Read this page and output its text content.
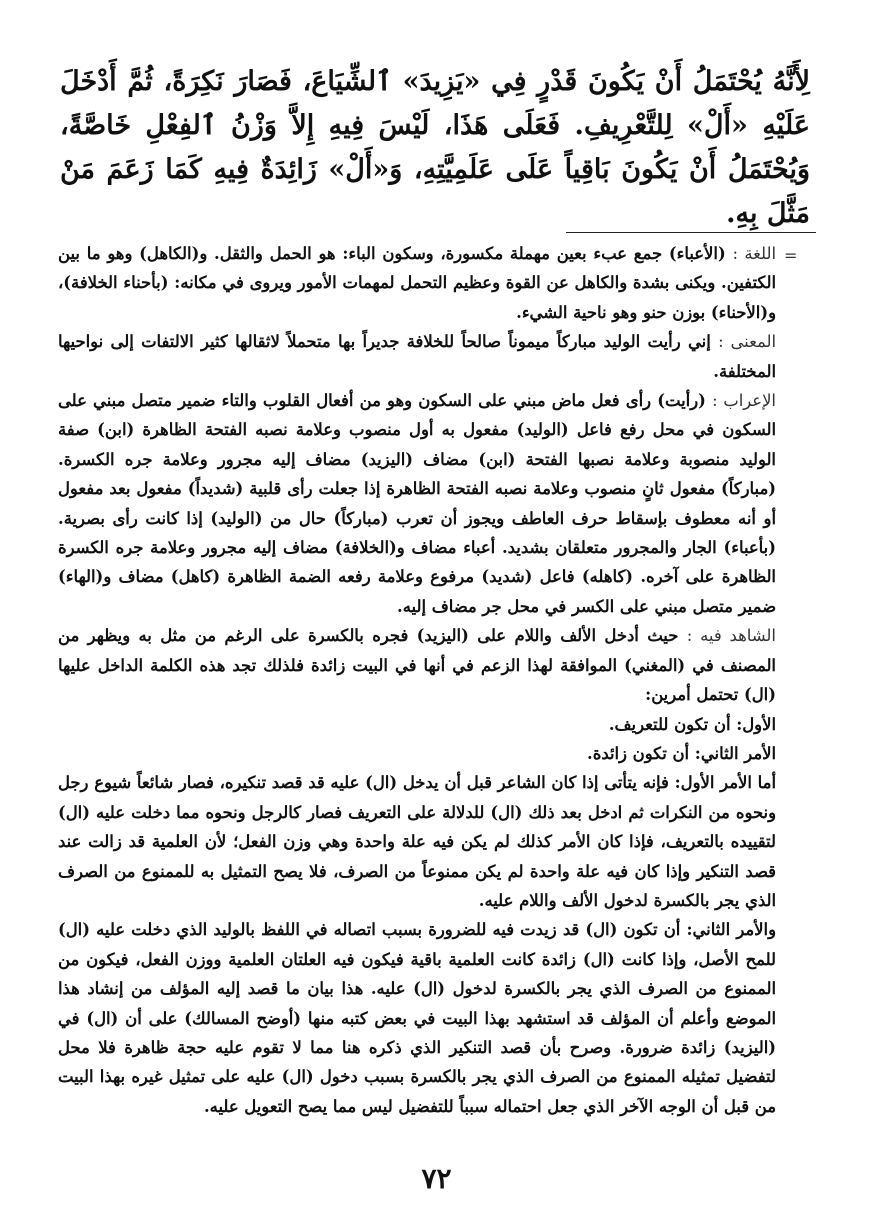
لِأَنَّهُ يُحْتَمَلُ أَنْ يَكُونَ قَدْرٍ فِي «يَزِيدَ» ٱلشِّيَاعَ، فَصَارَ نَكِرَةً، ثُمَّ أَدْخَلَ عَلَيْهِ «أَلْ» لِلتَّعْرِيفِ. فَعَلَى هَذَا، لَيْسَ فِيهِ إِلاَّ وَزْنُ ٱلفِعْلِ خَاصَّةً، وَيُحْتَمَلُ أَنْ يَكُونَ بَاقِياً عَلَى عَلَمِيَّتِهِ، وَ«أَلْ» زَائِدَةٌ فِيهِ كَمَا زَعَمَ مَنْ مَثَّلَ بِهِ.
=

اللغة : (الأعباء) جمع عبء بعين مهملة مكسورة، وسكون الباء: هو الحمل والثقل. و(الكاهل) وهو ما بين الكتفين. ويكنى بشدة والكاهل عن القوة وعظيم التحمل لمهمات الأمور ويروى في مكانه: (بأحناء الخلافة)، و(الأحناء) بوزن حنو وهو ناحية الشيء.

المعنى : إني رأيت الوليد مباركاً ميموناً صالحاً للخلافة جديراً بها متحملاً لاثقالها كثير الالتفات إلى نواحيها المختلفة.

الإعراب : (رأيت) رأى فعل ماض مبني على السكون وهو من أفعال القلوب والتاء ضمير متصل مبني على السكون في محل رفع فاعل (الوليد) مفعول به أول منصوب وعلامة نصبه الفتحة الظاهرة (ابن) صفة الوليد منصوبة وعلامة نصبها الفتحة (ابن) مضاف (اليزيد) مضاف إليه مجرور وعلامة جره الكسرة. (مباركاً) مفعول ثانٍ منصوب وعلامة نصبه الفتحة الظاهرة إذا جعلت رأى قلبية (شديداً) مفعول بعد مفعول أو أنه معطوف بإسقاط حرف العاطف ويجوز أن تعرب (مباركاً) حال من (الوليد) إذا كانت رأى بصرية. (بأعباء) الجار والمجرور متعلقان بشديد. أعباء مضاف و(الخلافة) مضاف إليه مجرور وعلامة جره الكسرة الظاهرة على آخره. (كاهله) فاعل (شديد) مرفوع وعلامة رفعه الضمة الظاهرة (كاهل) مضاف و(الهاء) ضمير متصل مبني على الكسر في محل جر مضاف إليه.

الشاهد فيه : حيث أدخل الألف واللام على (اليزيد) فجره بالكسرة على الرغم من مثل به ويظهر من المصنف في (المغني) الموافقة لهذا الزعم في أنها في البيت زائدة فلذلك تجد هذه الكلمة الداخل عليها (ال) تحتمل أمرين:

الأول: أن تكون للتعريف.

الأمر الثاني: أن تكون زائدة.

أما الأمر الأول: فإنه يتأتى إذا كان الشاعر قبل أن يدخل (ال) عليه قد قصد تنكيره، فصار شائعاً شيوع رجل ونحوه من النكرات ثم ادخل بعد ذلك (ال) للدلالة على التعريف فصار كالرجل ونحوه مما دخلت عليه (ال) لتقييده بالتعريف، فإذا كان الأمر كذلك لم يكن فيه علة واحدة وهي وزن الفعل؛ لأن العلمية قد زالت عند قصد التنكير وإذا كان فيه علة واحدة لم يكن ممنوعاً من الصرف، فلا يصح التمثيل به للممنوع من الصرف الذي يجر بالكسرة لدخول الألف واللام عليه.

والأمر الثاني: أن تكون (ال) قد زيدت فيه للضرورة بسبب اتصاله في اللفظ بالوليد الذي دخلت عليه (ال) للمح الأصل، وإذا كانت (ال) زائدة كانت العلمية باقية فيكون فيه العلتان العلمية ووزن الفعل، فيكون من الممنوع من الصرف الذي يجر بالكسرة لدخول (ال) عليه. هذا بيان ما قصد إليه المؤلف من إنشاد هذا الموضع وأعلم أن المؤلف قد استشهد بهذا البيت في بعض كتبه منها (أوضح المسالك) على أن (ال) في (اليزيد) زائدة ضرورة. وصرح بأن قصد التنكير الذي ذكره هنا مما لا تقوم عليه حجة ظاهرة فلا محل لتفضيل تمثيله الممنوع من الصرف الذي يجر بالكسرة بسبب دخول (ال) عليه على تمثيل غيره بهذا البيت من قبل أن الوجه الآخر الذي جعل احتماله سبباً للتفضيل ليس مما يصح التعويل عليه.

٧٢
